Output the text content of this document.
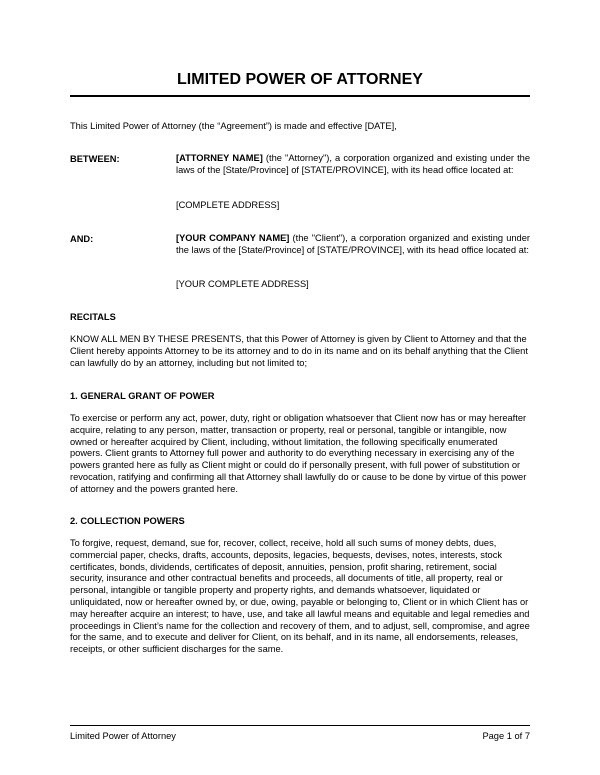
LIMITED POWER OF ATTORNEY

This Limited Power of Attorney (the “Agreement”) is made and effective [DATE],

BETWEEN:	[ATTORNEY NAME] (the "Attorney"), a corporation organized and existing under the laws of the [State/Province] of [STATE/PROVINCE], with its head office located at:

[COMPLETE ADDRESS]

AND:	[YOUR COMPANY NAME] (the "Client"), a corporation organized and existing under the laws of the [State/Province] of [STATE/PROVINCE], with its head office located at:

[YOUR COMPLETE ADDRESS]

RECITALS

KNOW ALL MEN BY THESE PRESENTS, that this Power of Attorney is given by Client to Attorney and that the Client hereby appoints Attorney to be its attorney and to do in its name and on its behalf anything that the Client can lawfully do by an attorney, including but not limited to;

1. GENERAL GRANT OF POWER

To exercise or perform any act, power, duty, right or obligation whatsoever that Client now has or may hereafter acquire, relating to any person, matter, transaction or property, real or personal, tangible or intangible, now owned or hereafter acquired by Client, including, without limitation, the following specifically enumerated powers. Client grants to Attorney full power and authority to do everything necessary in exercising any of the powers granted here as fully as Client might or could do if personally present, with full power of substitution or revocation, ratifying and confirming all that Attorney shall lawfully do or cause to be done by virtue of this power of attorney and the powers granted here.

2. COLLECTION POWERS

To forgive, request, demand, sue for, recover, collect, receive, hold all such sums of money debts, dues, commercial paper, checks, drafts, accounts, deposits, legacies, bequests, devises, notes, interests, stock certificates, bonds, dividends, certificates of deposit, annuities, pension, profit sharing, retirement, social security, insurance and other contractual benefits and proceeds, all documents of title, all property, real or personal, intangible or tangible property and property rights, and demands whatsoever, liquidated or unliquidated, now or hereafter owned by, or due, owing, payable or belonging to, Client or in which Client has or may hereafter acquire an interest; to have, use, and take all lawful means and equitable and legal remedies and proceedings in Client’s name for the collection and recovery of them, and to adjust, sell, compromise, and agree for the same, and to execute and deliver for Client, on its behalf, and in its name, all endorsements, releases, receipts, or other sufficient discharges for the same.

Limited Power of Attorney	Page 1 of 7
